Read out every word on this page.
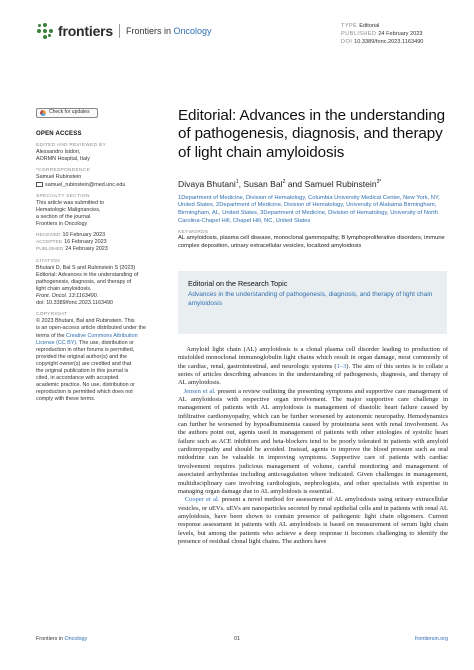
frontiers Frontiers in Oncology	TYPE Editorial
PUBLISHED 24 February 2023
DOI 10.3389/fonc.2023.1163490
Check for updates
OPEN ACCESS
EDITED AND REVIEWED BY
Alessandro Isidori,
AORMN Hospital, Italy
*CORRESPONDENCE
Samuel Rubinstein
samuel_rubinstein@med.unc.edu
SPECIALTY SECTION
This article was submitted to
Hematologic Malignancies,
a section of the journal
Frontiers in Oncology
RECEIVED 10 February 2023
ACCEPTED 16 February 2023
PUBLISHED 24 February 2023
CITATION
Bhutani D, Bal S and Rubinstein S (2023)
Editorial: Advances in the understanding of
pathogenesis, diagnosis, and therapy of
light chain amyloidosis.
Front. Oncol. 13:1163490.
doi: 10.3389/fonc.2023.1163490
COPYRIGHT
© 2023 Bhutani, Bal and Rubinstein. This
is an open-access article distributed under the
terms of the Creative Commons Attribution
License (CC BY). The use, distribution or
reproduction in other forums is permitted,
provided the original author(s) and the
copyright owner(s) are credited and that
the original publication in this journal is
cited, in accordance with accepted
academic practice. No use, distribution or
reproduction is permitted which does not
comply with these terms.
Editorial: Advances in the understanding of pathogenesis, diagnosis, and therapy of light chain amyloidosis
Divaya Bhutani$^1$, Susan Bal$^2$ and Samuel Rubinstein$^{3*}$
1Department of Medicine, Division of Hematology, Columbia University Medical Center, New York, NY, United States, 2Department of Medicine, Division of Hematology, University of Alabama Birmingham, Birmingham, AL, United States, 3Department of Medicine, Division of Hematology, University of North Carolina-Chapel Hill, Chapel Hill, NC, United States
KEYWORDS
AL amyloidosis, plasma cell disease, monoclonal gammopathy, B lymphoproliferative disorders, immune complex deposition, urinary extracellular vesicles, localized amyloidosis
Editorial on the Research Topic
Advances in the understanding of pathogenesis, diagnosis, and therapy of light chain amyloidosis

Amyloid light chain (AL) amyloidosis is a clonal plasma cell disorder leading to production of misfolded monoclonal immunoglobulin light chains which result in organ damage, most commonly of the cardiac, renal, gastrointestinal, and neurologic systems (1–3). The aim of this series is to collate a series of articles describing advances in the understanding of pathogenesis, diagnosis, and therapy of AL amyloidosis.

Jensen et al. present a review outlining the presenting symptoms and supportive care management of AL amyloidosis with respective organ involvement. The major supportive care challenge in management of patients with AL amyloidosis is management of diastolic heart failure caused by infiltrative cardiomyopathy, which can be further worsened by autonomic neuropathy. Hemodynamics can further be worsened by hypoalbuminemia caused by proteinuria seen with renal involvement. As the authors point out, agents used in management of patients with other etiologies of systolic heart failure such as ACE inhibitors and beta-blockers tend to be poorly tolerated in patients with amyloid cardiomyopathy and should be avoided. Instead, agents to improve the blood pressure such as oral midodrine can be valuable in improving symptoms. Supportive care of patients with cardiac involvement requires judicious management of volume, careful monitoring and management of associated arrhythmias including anticoagulation where indicated. Given challenges in management, multidisciplinary care involving cardiologists, nephrologists, and other specialists with expertise in managing organ damage due to AL amyloidosis is essential.

Cooper et al. present a novel method for assessment of AL amyloidosis using urinary extracellular vesicles, or uEVs. uEVs are nanoparticles secreted by renal epithelial cells and in patients with renal AL amyloidosis, have been shown to contain presence of pathogenic light chain oligomers. Current response assessment in patients with AL amyloidosis is based on measurement of serum light chain levels, but among the patients who achieve a deep response it becomes challenging to identify the presence of residual clonal light chains. The authors have

Frontiers in Oncology	01	frontiersin.org
